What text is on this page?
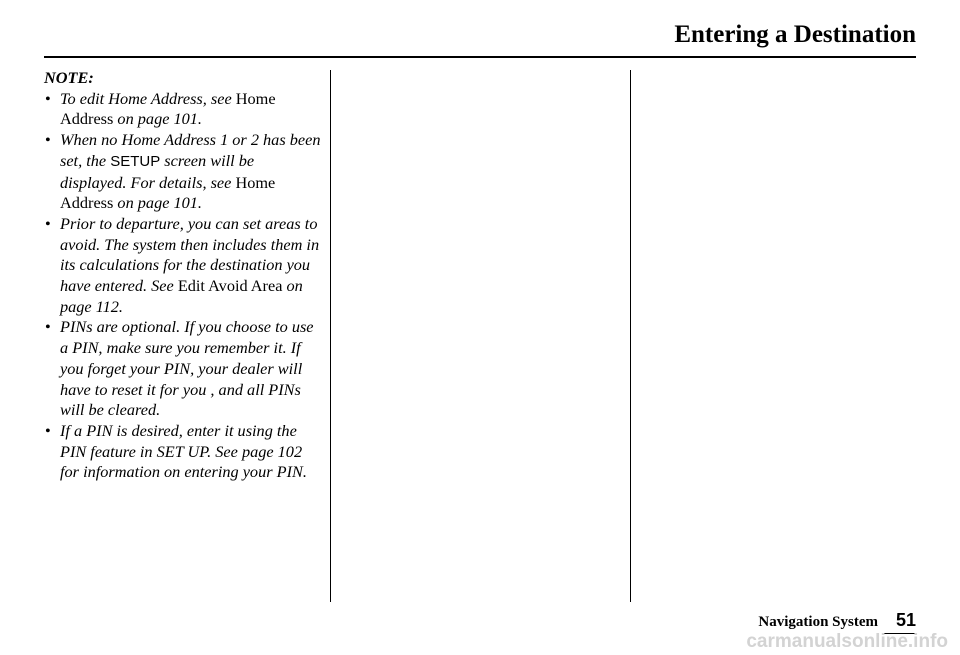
Entering a Destination
NOTE:
• To edit Home Address, see Home Address on page 101.
• When no Home Address 1 or 2 has been set, the SETUP screen will be displayed. For details, see Home Address on page 101.
• Prior to departure, you can set areas to avoid. The system then includes them in its calculations for the destination you have entered. See Edit Avoid Area on page 112.
• PINs are optional. If you choose to use a PIN, make sure you remember it. If you forget your PIN, your dealer will have to reset it for you , and all PINs will be cleared.
• If a PIN is desired, enter it using the PIN feature in SET UP. See page 102 for information on entering your PIN.
Navigation System 51
carmanualsonline.info
